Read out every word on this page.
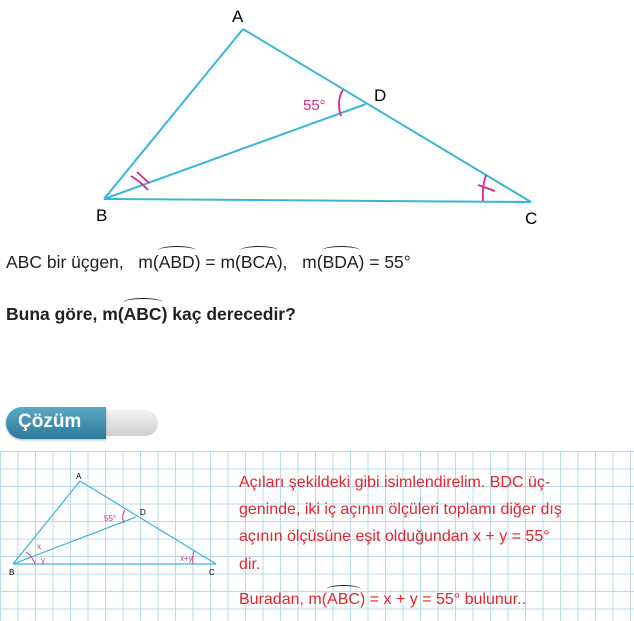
A
B	C
D
55°
ABC bir üçgen, m(ABD) = m(BCA), m(BDA) = 55°
Buna göre, m(ABC) kaç derecedir?
Çözüm
A
B	C
D
55°
x
y	x+y
Açıları şekildeki gibi isimlendirelim. BDC üç-
geninde, iki iç açının ölçüleri toplamı diğer dış
açının ölçüsüne eşit olduğundan x + y = 55°
dir.
Buradan, m(ABC) = x + y = 55° bulunur..
